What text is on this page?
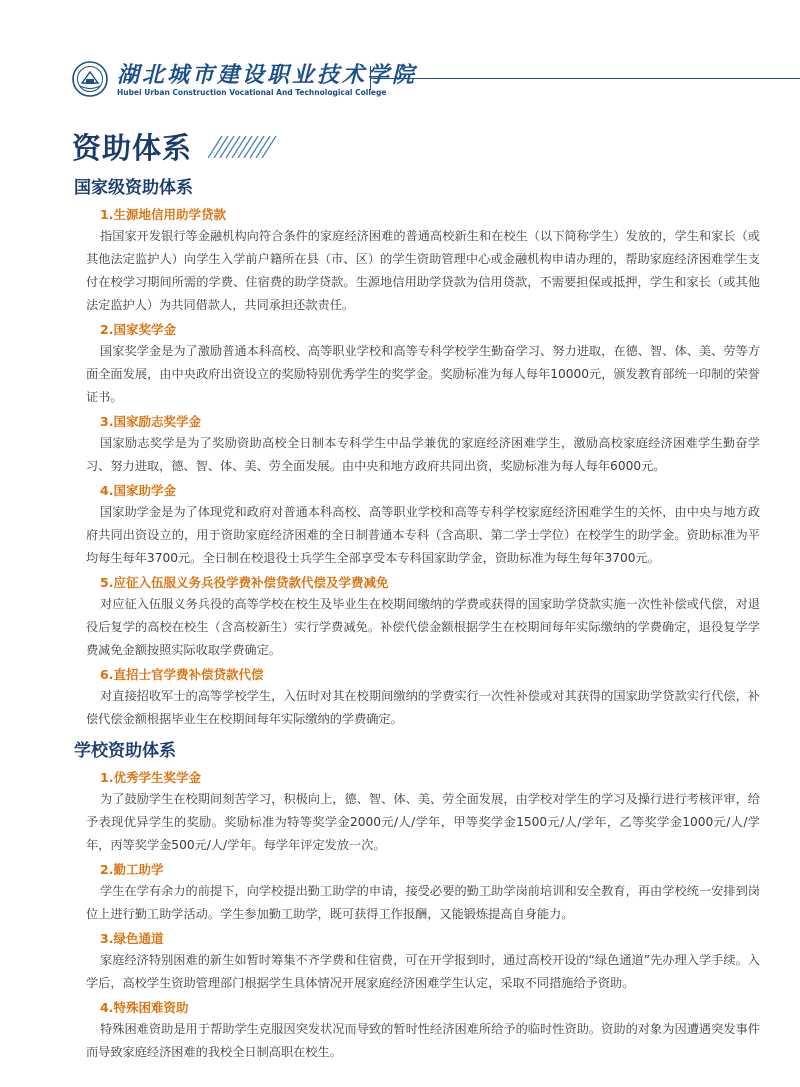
湖北城市建设职业技术学院
Hubei Urban Construction Vocational And Technological College
资助体系
国家级资助体系
1.生源地信用助学贷款
指国家开发银行等金融机构向符合条件的家庭经济困难的普通高校新生和在校生（以下简称学生）发放的，学生和家长（或其他法定监护人）向学生入学前户籍所在县（市、区）的学生资助管理中心或金融机构申请办理的，帮助家庭经济困难学生支付在校学习期间所需的学费、住宿费的助学贷款。生源地信用助学贷款为信用贷款，不需要担保或抵押，学生和家长（或其他法定监护人）为共同借款人，共同承担还款责任。
2.国家奖学金
国家奖学金是为了激励普通本科高校、高等职业学校和高等专科学校学生勤奋学习、努力进取，在德、智、体、美、劳等方面全面发展，由中央政府出资设立的奖励特别优秀学生的奖学金。奖励标准为每人每年10000元，颁发教育部统一印制的荣誉证书。
3.国家励志奖学金
国家励志奖学是为了奖励资助高校全日制本专科学生中品学兼优的家庭经济困难学生，激励高校家庭经济困难学生勤奋学习、努力进取，德、智、体、美、劳全面发展。由中央和地方政府共同出资，奖励标准为每人每年6000元。
4.国家助学金
国家助学金是为了体现党和政府对普通本科高校、高等职业学校和高等专科学校家庭经济困难学生的关怀，由中央与地方政府共同出资设立的，用于资助家庭经济困难的全日制普通本专科（含高职、第二学士学位）在校学生的助学金。资助标准为平均每生每年3700元。全日制在校退役士兵学生全部享受本专科国家助学金，资助标准为每生每年3700元。
5.应征入伍服义务兵役学费补偿贷款代偿及学费减免
对应征入伍服义务兵役的高等学校在校生及毕业生在校期间缴纳的学费或获得的国家助学贷款实施一次性补偿或代偿，对退役后复学的高校在校生（含高校新生）实行学费减免。补偿代偿金额根据学生在校期间每年实际缴纳的学费确定，退役复学学费减免金额按照实际收取学费确定。
6.直招士官学费补偿贷款代偿
对直接招收军士的高等学校学生，入伍时对其在校期间缴纳的学费实行一次性补偿或对其获得的国家助学贷款实行代偿，补偿代偿金额根据毕业生在校期间每年实际缴纳的学费确定。
学校资助体系
1.优秀学生奖学金
为了鼓励学生在校期间刻苦学习，积极向上，德、智、体、美、劳全面发展，由学校对学生的学习及操行进行考核评审，给予表现优异学生的奖励。奖励标准为特等奖学金2000元/人/学年，甲等奖学金1500元/人/学年，乙等奖学金1000元/人/学年，丙等奖学金500元/人/学年。每学年评定发放一次。
2.勤工助学
学生在学有余力的前提下，向学校提出勤工助学的申请，接受必要的勤工助学岗前培训和安全教育，再由学校统一安排到岗位上进行勤工助学活动。学生参加勤工助学，既可获得工作报酬，又能锻炼提高自身能力。
3.绿色通道
家庭经济特别困难的新生如暂时筹集不齐学费和住宿费，可在开学报到时，通过高校开设的“绿色通道”先办理入学手续。入学后，高校学生资助管理部门根据学生具体情况开展家庭经济困难学生认定，采取不同措施给予资助。
4.特殊困难资助
特殊困难资助是用于帮助学生克服因突发状况而导致的暂时性经济困难所给予的临时性资助。资助的对象为因遭遇突发事件而导致家庭经济困难的我校全日制高职在校生。
